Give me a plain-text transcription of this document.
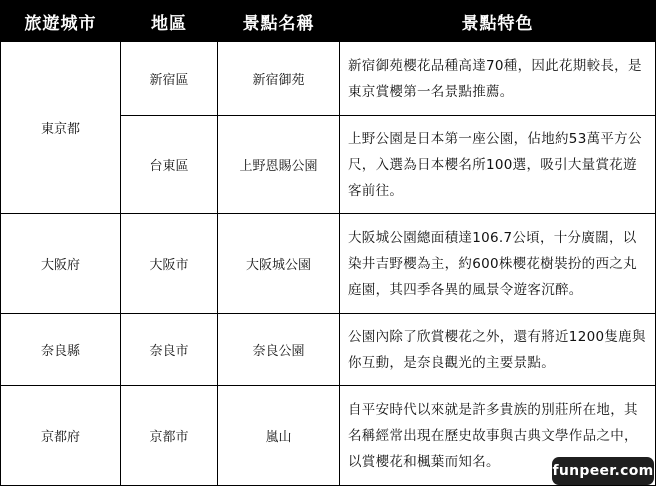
旅遊城市	地區	景點名稱	景點特色
東京都	新宿區	新宿御苑	新宿御苑櫻花品種高達70種，因此花期較長，是東京賞櫻第一名景點推薦。
	台東區	上野恩賜公園	上野公園是日本第一座公園，佔地約53萬平方公尺，入選為日本櫻名所100選，吸引大量賞花遊客前往。
大阪府	大阪市	大阪城公園	大阪城公園總面積達106.7公頃，十分廣闊，以染井吉野櫻為主，約600株櫻花樹裝扮的西之丸庭園，其四季各異的風景令遊客沉醉。
奈良縣	奈良市	奈良公園	公園內除了欣賞櫻花之外，還有將近1200隻鹿與你互動，是奈良觀光的主要景點。
京都府	京都市	嵐山	自平安時代以來就是許多貴族的別莊所在地，其名稱經常出現在歷史故事與古典文學作品之中，以賞櫻花和楓葉而知名。
funpeer.com
